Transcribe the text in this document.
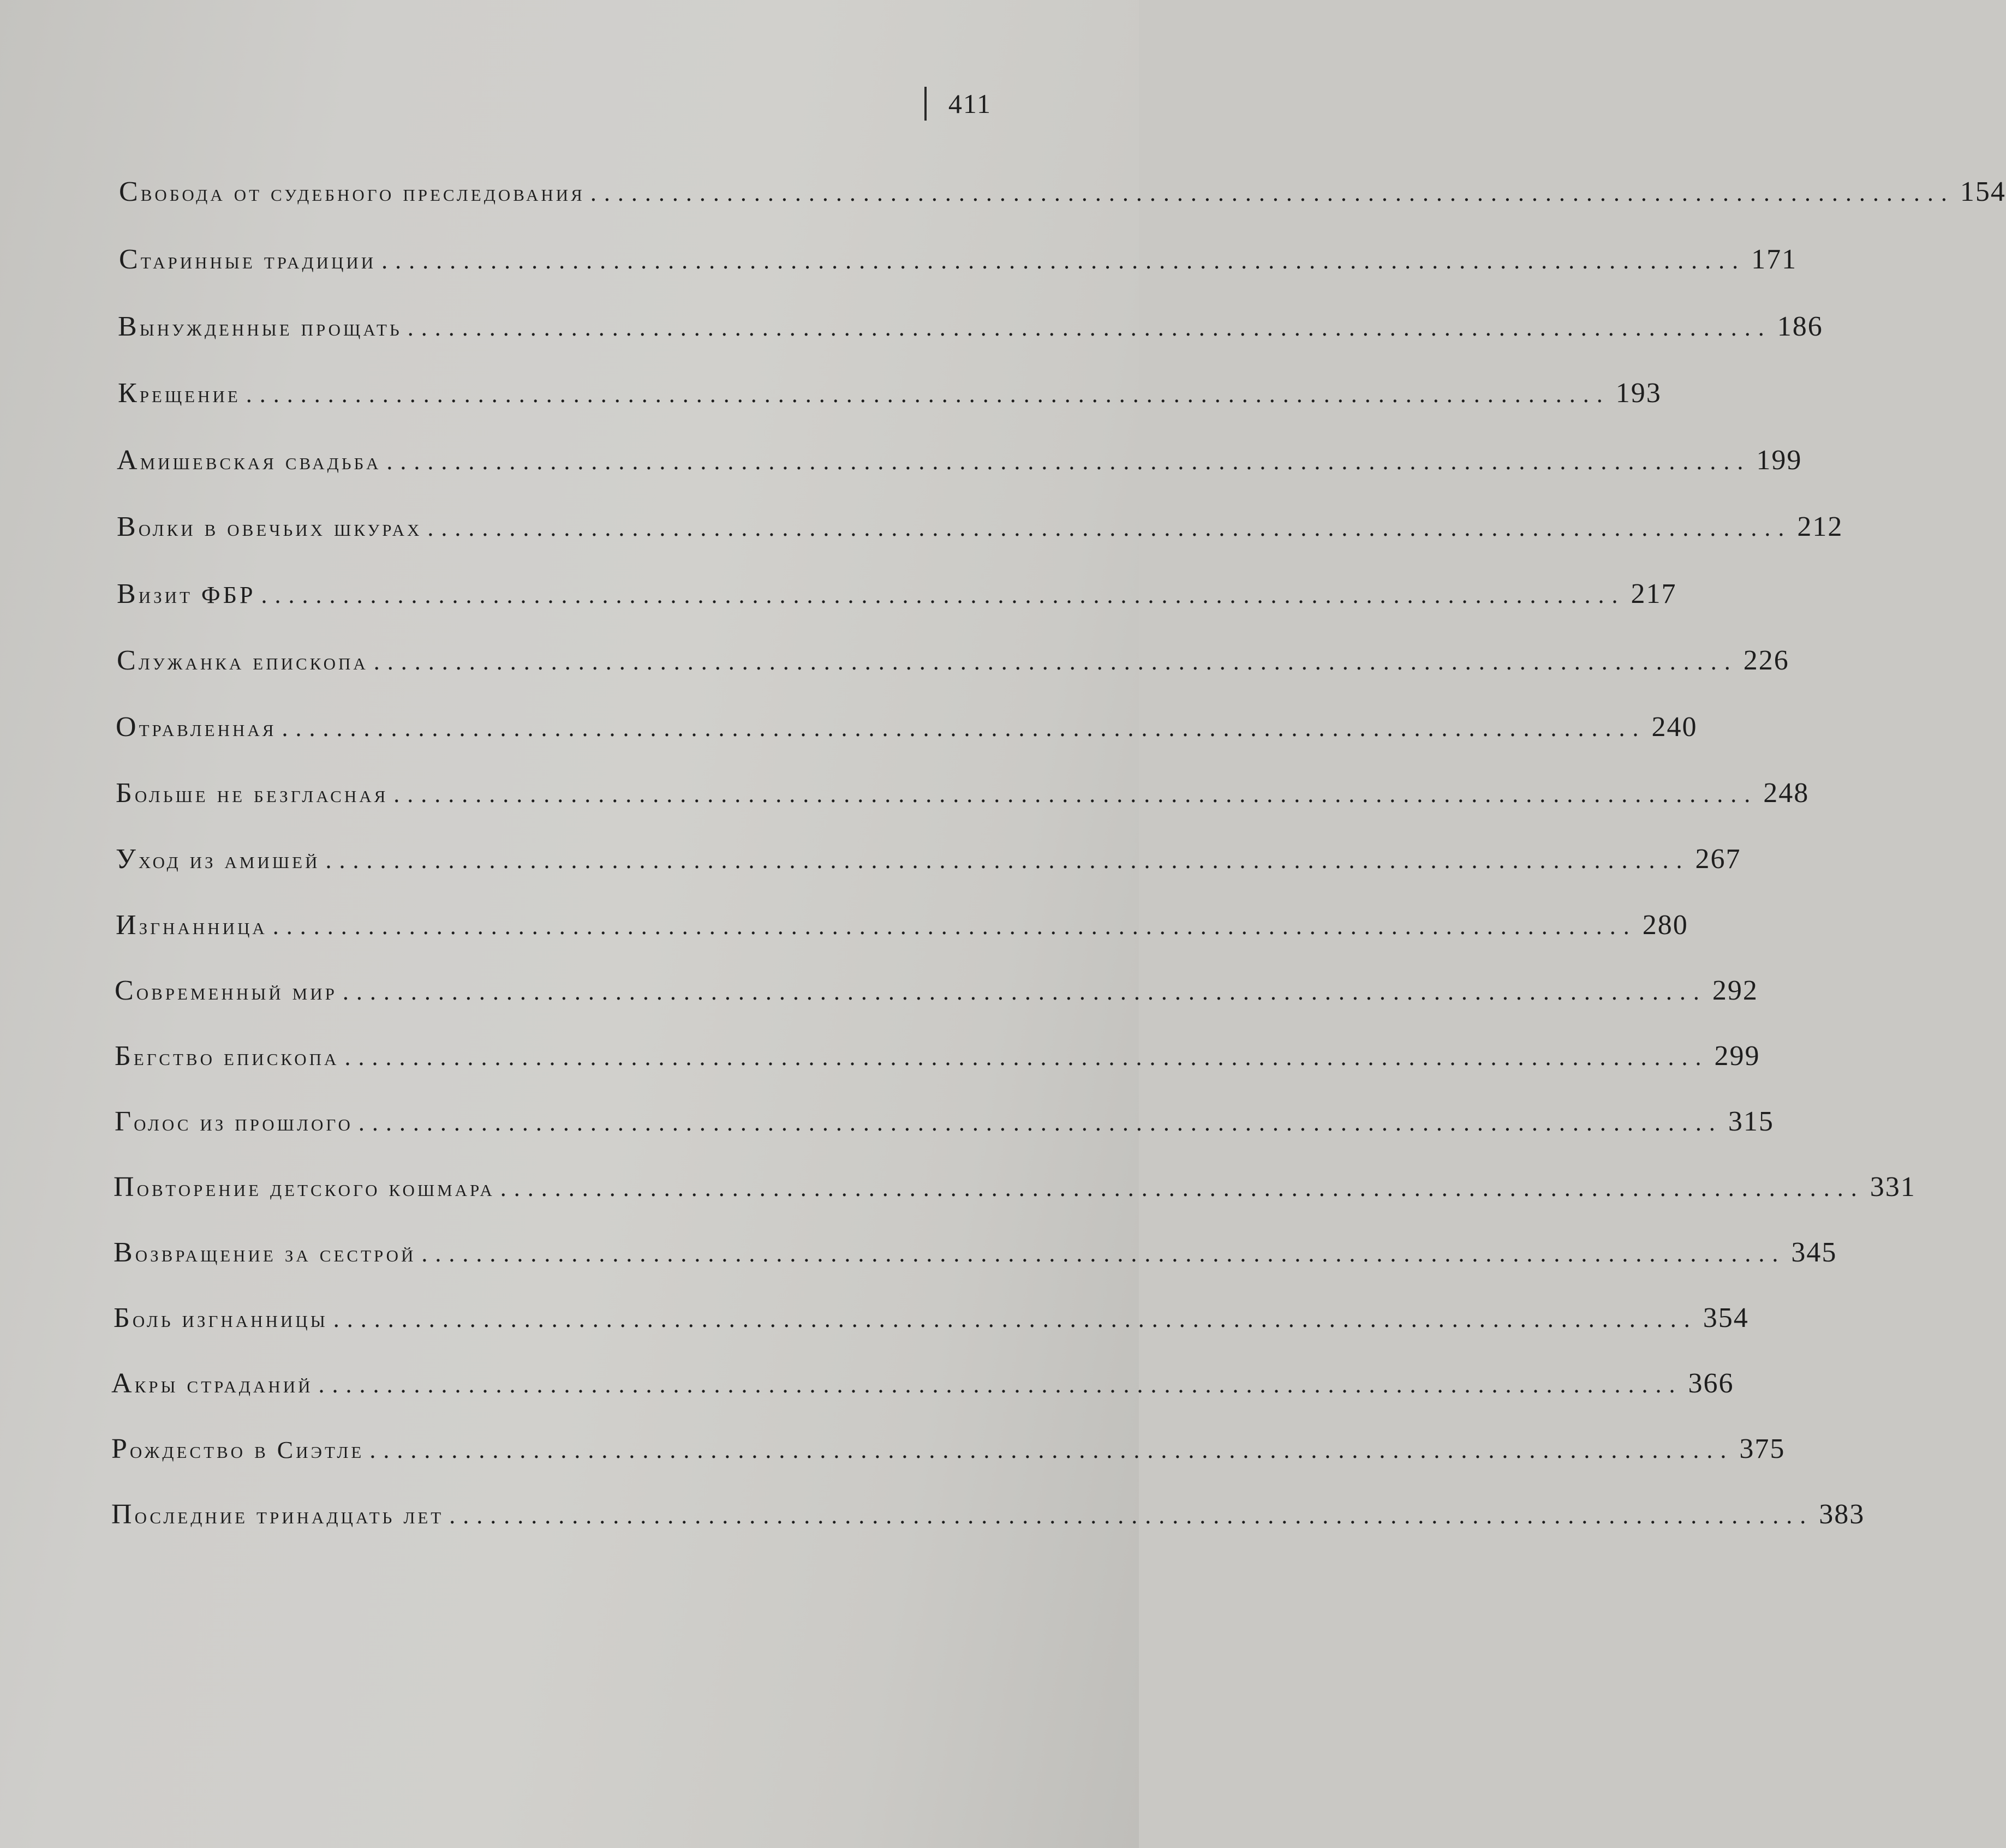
411
Свобода от судебного преследования .................................................................................................... 154
Старинные традиции .................................................................................................... 171
Вынужденные прощать .................................................................................................... 186
Крещение .................................................................................................... 193
Амишевская свадьба .................................................................................................... 199
Волки в овечьих шкурах .................................................................................................... 212
Визит ФБР .................................................................................................... 217
Служанка епископа .................................................................................................... 226
Отравленная .................................................................................................... 240
Больше не безгласная .................................................................................................... 248
Уход из амишей .................................................................................................... 267
Изгнанница .................................................................................................... 280
Современный мир .................................................................................................... 292
Бегство епископа .................................................................................................... 299
Голос из прошлого .................................................................................................... 315
Повторение детского кошмара .................................................................................................... 331
Возвращение за сестрой .................................................................................................... 345
Боль изгнанницы .................................................................................................... 354
Акры страданий .................................................................................................... 366
Рождество в Сиэтле .................................................................................................... 375
Последние тринадцать лет .................................................................................................... 383
